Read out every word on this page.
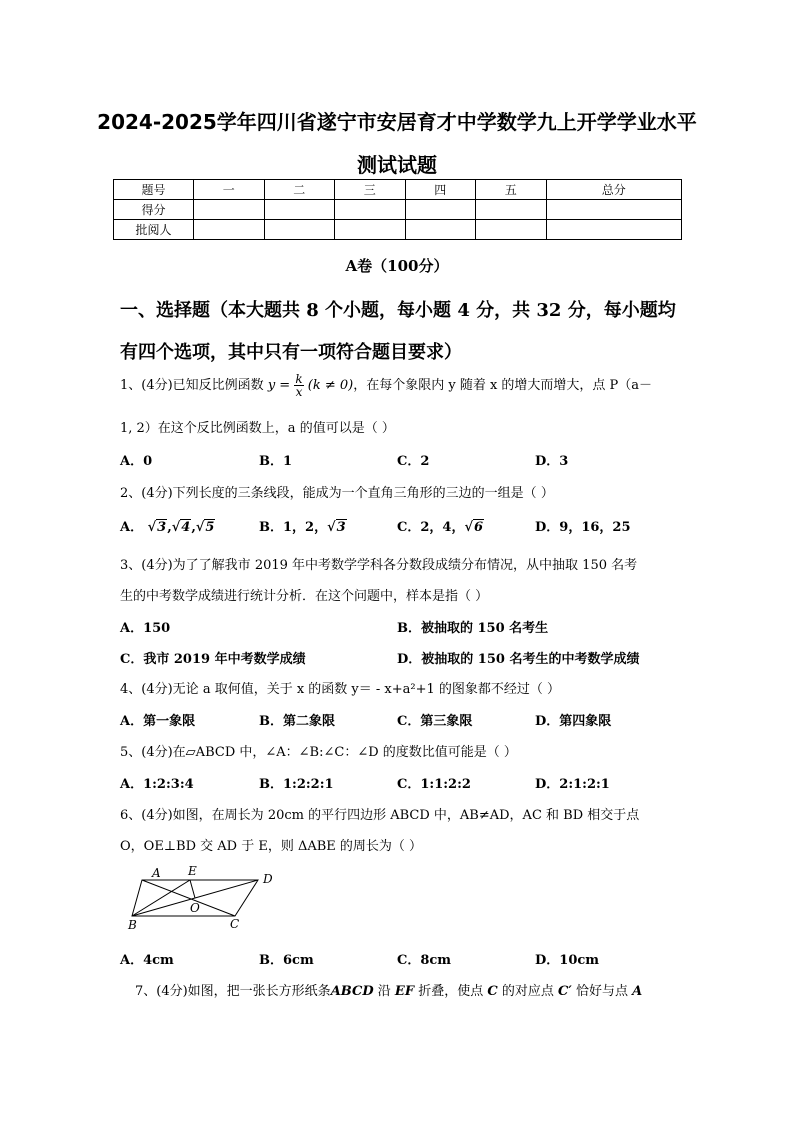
2024-2025学年四川省遂宁市安居育才中学数学九上开学学业水平
测试试题
题号	一	二	三	四	五	总分
得分						
批阅人						
A卷（100分）
一、选择题（本大题共 8 个小题，每小题 4 分，共 32 分，每小题均
有四个选项，其中只有一项符合题目要求）
1、(4分)已知反比例函数 $y = \frac{k}{x} (k \ne 0)$，在每个象限内 y 随着 x 的增大而增大，点 P（a－
1, 2）在这个反比例函数上，a 的值可以是（ ）
A．0	B．1	C．2	D．3
2、(4分)下列长度的三条线段，能成为一个直角三角形的三边的一组是（ ）
A． √3,√4,√5	B．1，2，√3	C．2，4，√6	D．9，16，25
3、(4分)为了了解我市 2019 年中考数学学科各分数段成绩分布情况，从中抽取 150 名考
生的中考数学成绩进行统计分析．在这个问题中，样本是指（ ）
A．150	B．被抽取的 150 名考生
C．我市 2019 年中考数学成绩	D．被抽取的 150 名考生的中考数学成绩
4、(4分)无论 a 取何值，关于 x 的函数 y＝ - x+a²+1 的图象都不经过（ ）
A．第一象限	B．第二象限	C．第三象限	D．第四象限
5、(4分)在▱ABCD 中，∠A：∠B:∠C：∠D 的度数比值可能是（ ）
A．1:2:3:4	B．1:2:2:1	C．1:1:2:2	D．2:1:2:1
6、(4分)如图，在周长为 20cm 的平行四边形 ABCD 中，AB≠AD，AC 和 BD 相交于点
O，OE⊥BD 交 AD 于 E，则 ΔABE 的周长为（ ）
A E
D
O
B	C
A．4cm	B．6cm	C．8cm	D．10cm
7、(4分)如图，把一张长方形纸条ABCD 沿 EF 折叠，使点 C 的对应点 C′ 恰好与点 A
